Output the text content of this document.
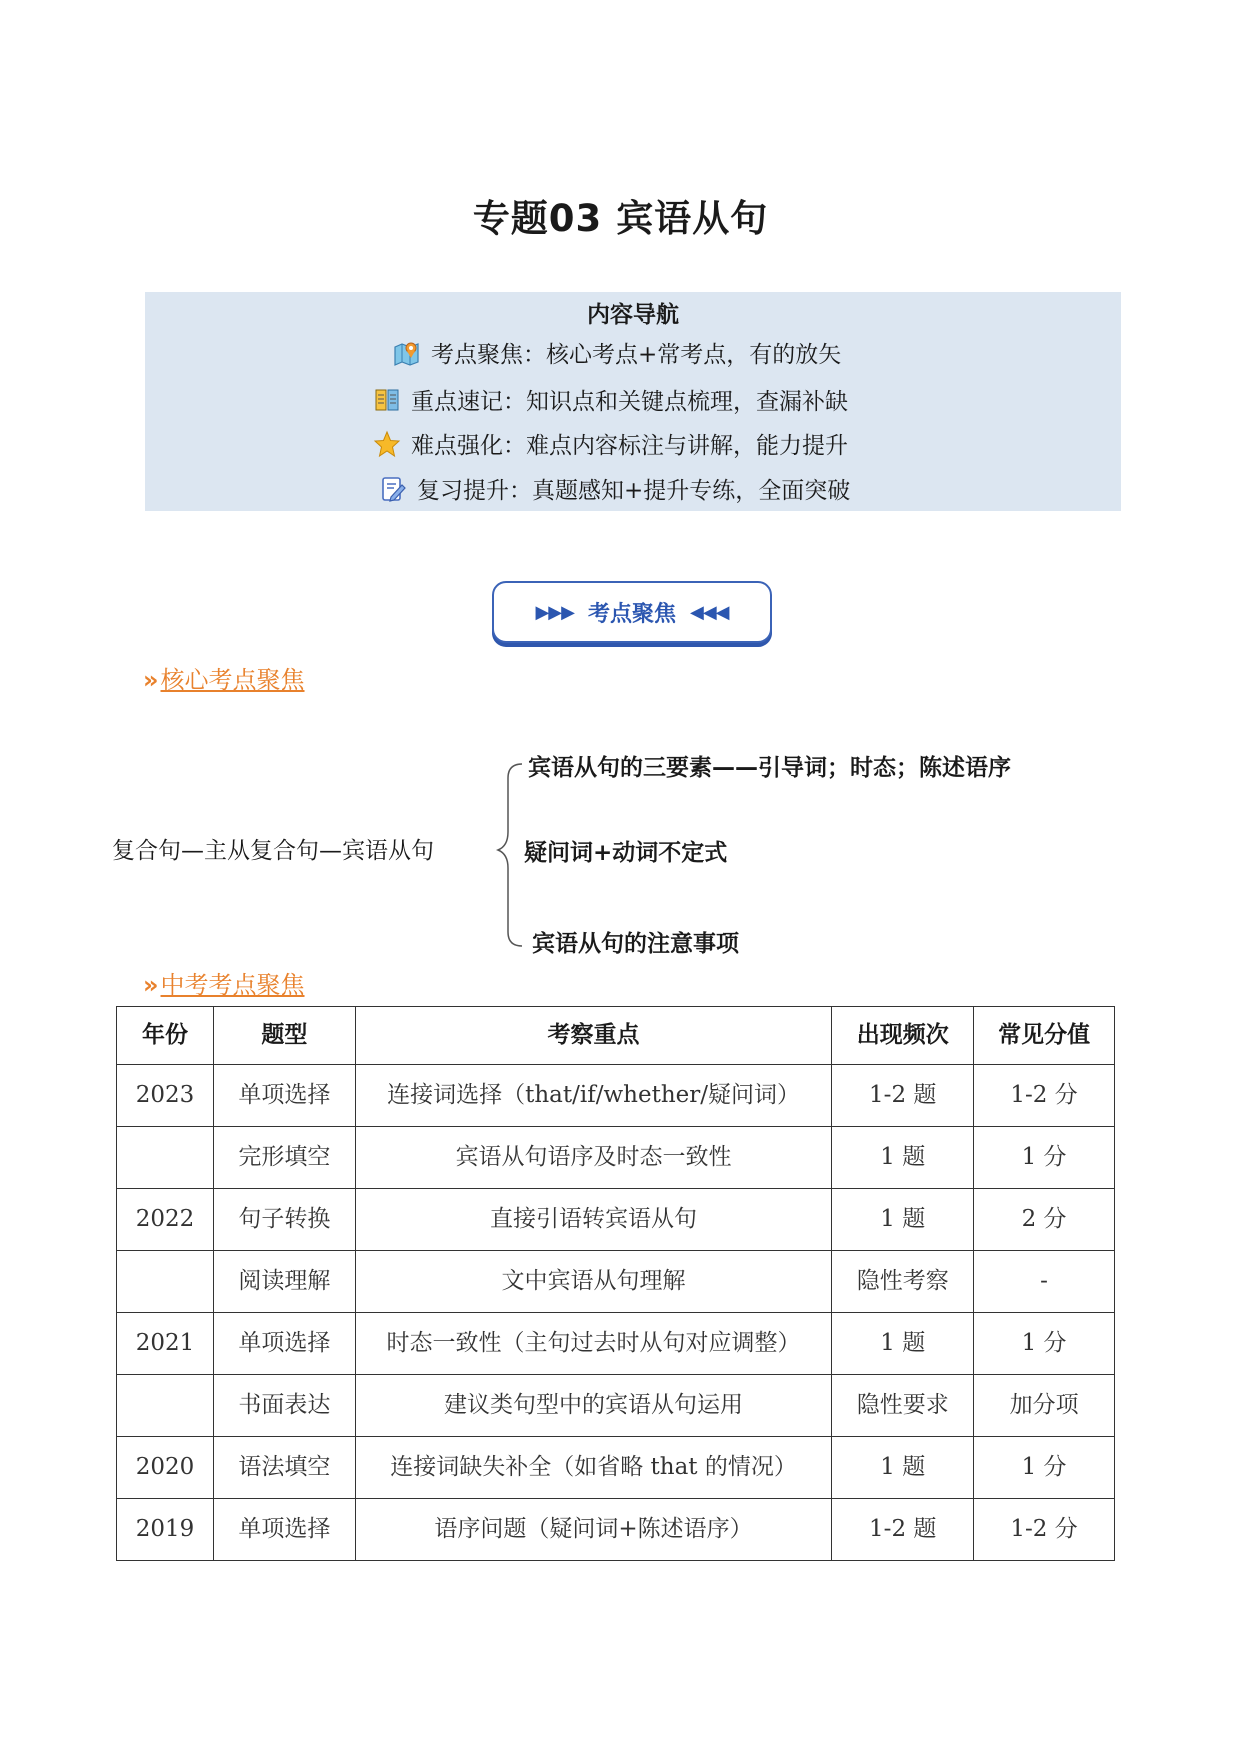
专题03 宾语从句
内容导航
考点聚焦：核心考点+常考点，有的放矢
重点速记：知识点和关键点梳理，查漏补缺
难点强化：难点内容标注与讲解，能力提升
复习提升：真题感知+提升专练，全面突破
▶▶▶ 考点聚焦 ◀◀◀
»核心考点聚焦
复合句—主从复合句—宾语从句
宾语从句的三要素——引导词；时态；陈述语序
疑问词+动词不定式
宾语从句的注意事项
»中考考点聚焦
年份	题型	考察重点	出现频次	常见分值
2023	单项选择	连接词选择（that/if/whether/疑问词）	1-2 题	1-2 分
	完形填空	宾语从句语序及时态一致性	1 题	1 分
2022	句子转换	直接引语转宾语从句	1 题	2 分
	阅读理解	文中宾语从句理解	隐性考察	-
2021	单项选择	时态一致性（主句过去时从句对应调整）	1 题	1 分
	书面表达	建议类句型中的宾语从句运用	隐性要求	加分项
2020	语法填空	连接词缺失补全（如省略 that 的情况）	1 题	1 分
2019	单项选择	语序问题（疑问词+陈述语序）	1-2 题	1-2 分
